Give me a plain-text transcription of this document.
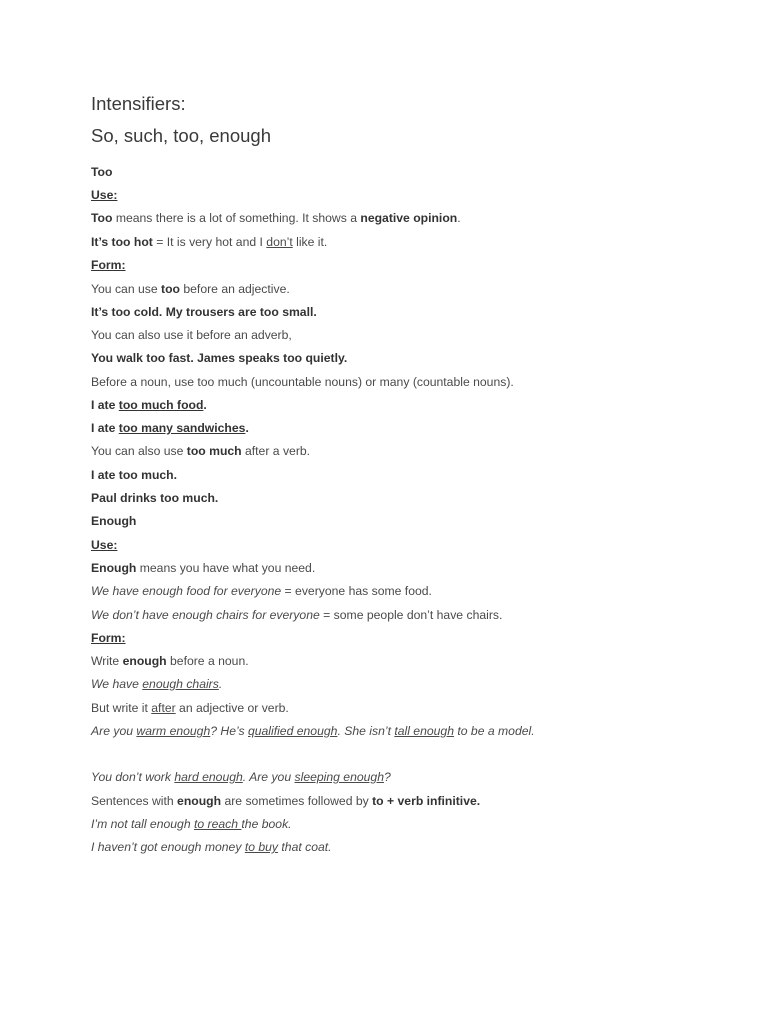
Intensifiers:
So, such, too, enough
Too
Use:
Too means there is a lot of something. It shows a negative opinion.
It’s too hot = It is very hot and I don’t like it.
Form:
You can use too before an adjective.
It’s too cold. My trousers are too small.
You can also use it before an adverb,
You walk too fast. James speaks too quietly.
Before a noun, use too much (uncountable nouns) or many (countable nouns).
I ate too much food.
I ate too many sandwiches.
You can also use too much after a verb.
I ate too much.
Paul drinks too much.
Enough
Use:
Enough means you have what you need.
We have enough food for everyone = everyone has some food.
We don’t have enough chairs for everyone = some people don’t have chairs.
Form:
Write enough before a noun.
We have enough chairs.
But write it after an adjective or verb.
Are you warm enough? He’s qualified enough. She isn’t tall enough to be a model.
You don’t work hard enough. Are you sleeping enough?
Sentences with enough are sometimes followed by to + verb infinitive.
I’m not tall enough to reach the book.
I haven’t got enough money to buy that coat.
